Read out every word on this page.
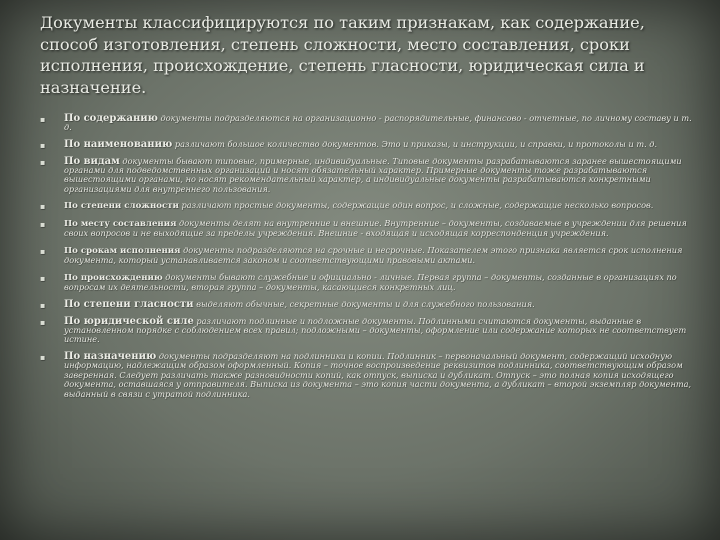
Документы классифицируются по таким признакам, как содержание, способ изготовления, степень сложности, место составления, сроки исполнения, происхождение, степень гласности, юридическая сила и назначение.
▪	По содержанию документы подразделяются на организационно - распорядительные, финансово - отчетные, по личному составу и т. д.
▪	По наименованию различают большое количество документов. Это и приказы, и инструкции, и справки, и протоколы и т. д.
▪	По видам документы бывают типовые, примерные, индивидуальные. Типовые документы разрабатываются заранее вышестоящими органами для подведомственных организаций и носят обязательный характер. Примерные документы тоже разрабатываются вышестоящими органами, но носят рекомендательный характер, а индивидуальные документы разрабатываются конкретными организациями для внутреннего пользования.
▪	По степени сложности различают простые документы, содержащие один вопрос, и сложные, содержащие несколько вопросов.
▪	По месту составления документы делят на внутренние и внешние. Внутренние – документы, создаваемые в учреждении для решения своих вопросов и не выходящие за пределы учреждения. Внешние - входящая и исходящая корреспонденция учреждения.
▪	По срокам исполнения документы подразделяются на срочные и несрочные. Показателем этого признака является срок исполнения документа, который устанавливается законом и соответствующими правовыми актами.
▪	По происхождению документы бывают служебные и официально - личные. Первая группа – документы, созданные в организациях по вопросам их деятельности, вторая группа – документы, касающиеся конкретных лиц.
▪	По степени гласности выделяют обычные, секретные документы и для служебного пользования.
▪	По юридической силе различают подлинные и подложные документы. Подлинными считаются документы, выданные в установленном порядке с соблюдением всех правил; подложными – документы, оформление или содержание которых не соответствует истине.
▪	По назначению документы подразделяют на подлинники и копии. Подлинник – первоначальный документ, содержащий исходную информацию, надлежащим образом оформленный. Копия – точное воспроизведение реквизитов подлинника, соответствующим образом заверенная. Следует различать также разновидности копий, как отпуск, выписка и дубликат. Отпуск – это полная копия исходящего документа, оставшаяся у отправителя. Выписка из документа – это копия части документа, а дубликат – второй экземпляр документа, выданный в связи с утратой подлинника.
